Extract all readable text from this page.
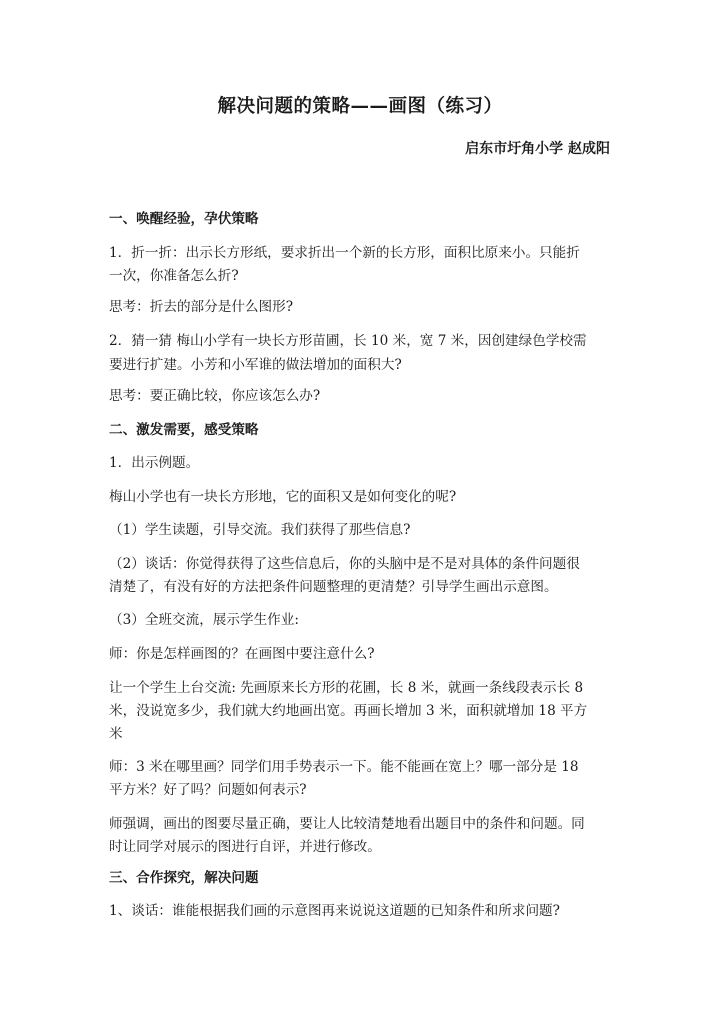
解决问题的策略——画图（练习）
启东市圩角小学 赵成阳
一、唤醒经验，孕伏策略
1．折一折：出示长方形纸，要求折出一个新的长方形，面积比原来小。只能折
一次，你准备怎么折?
思考：折去的部分是什么图形?
2．猜一猜 梅山小学有一块长方形苗圃，长 10 米，宽 7 米，因创建绿色学校需
要进行扩建。小芳和小军谁的做法增加的面积大?
思考：要正确比较，你应该怎么办?
二、激发需要，感受策略
1．出示例题。
梅山小学也有一块长方形地，它的面积又是如何变化的呢?
（1）学生读题，引导交流。我们获得了那些信息?
（2）谈话：你觉得获得了这些信息后，你的头脑中是不是对具体的条件问题很
清楚了，有没有好的方法把条件问题整理的更清楚？引导学生画出示意图。
（3）全班交流，展示学生作业:
师：你是怎样画图的？在画图中要注意什么?
让一个学生上台交流: 先画原来长方形的花圃，长 8 米，就画一条线段表示长 8
米，没说宽多少，我们就大约地画出宽。再画长增加 3 米，面积就增加 18 平方
米
师：3 米在哪里画？同学们用手势表示一下。能不能画在宽上？哪一部分是 18
平方米？好了吗？问题如何表示?
师强调，画出的图要尽量正确，要让人比较清楚地看出题目中的条件和问题。同
时让同学对展示的图进行自评，并进行修改。
三、合作探究，解决问题
1、谈话：谁能根据我们画的示意图再来说说这道题的已知条件和所求问题?
